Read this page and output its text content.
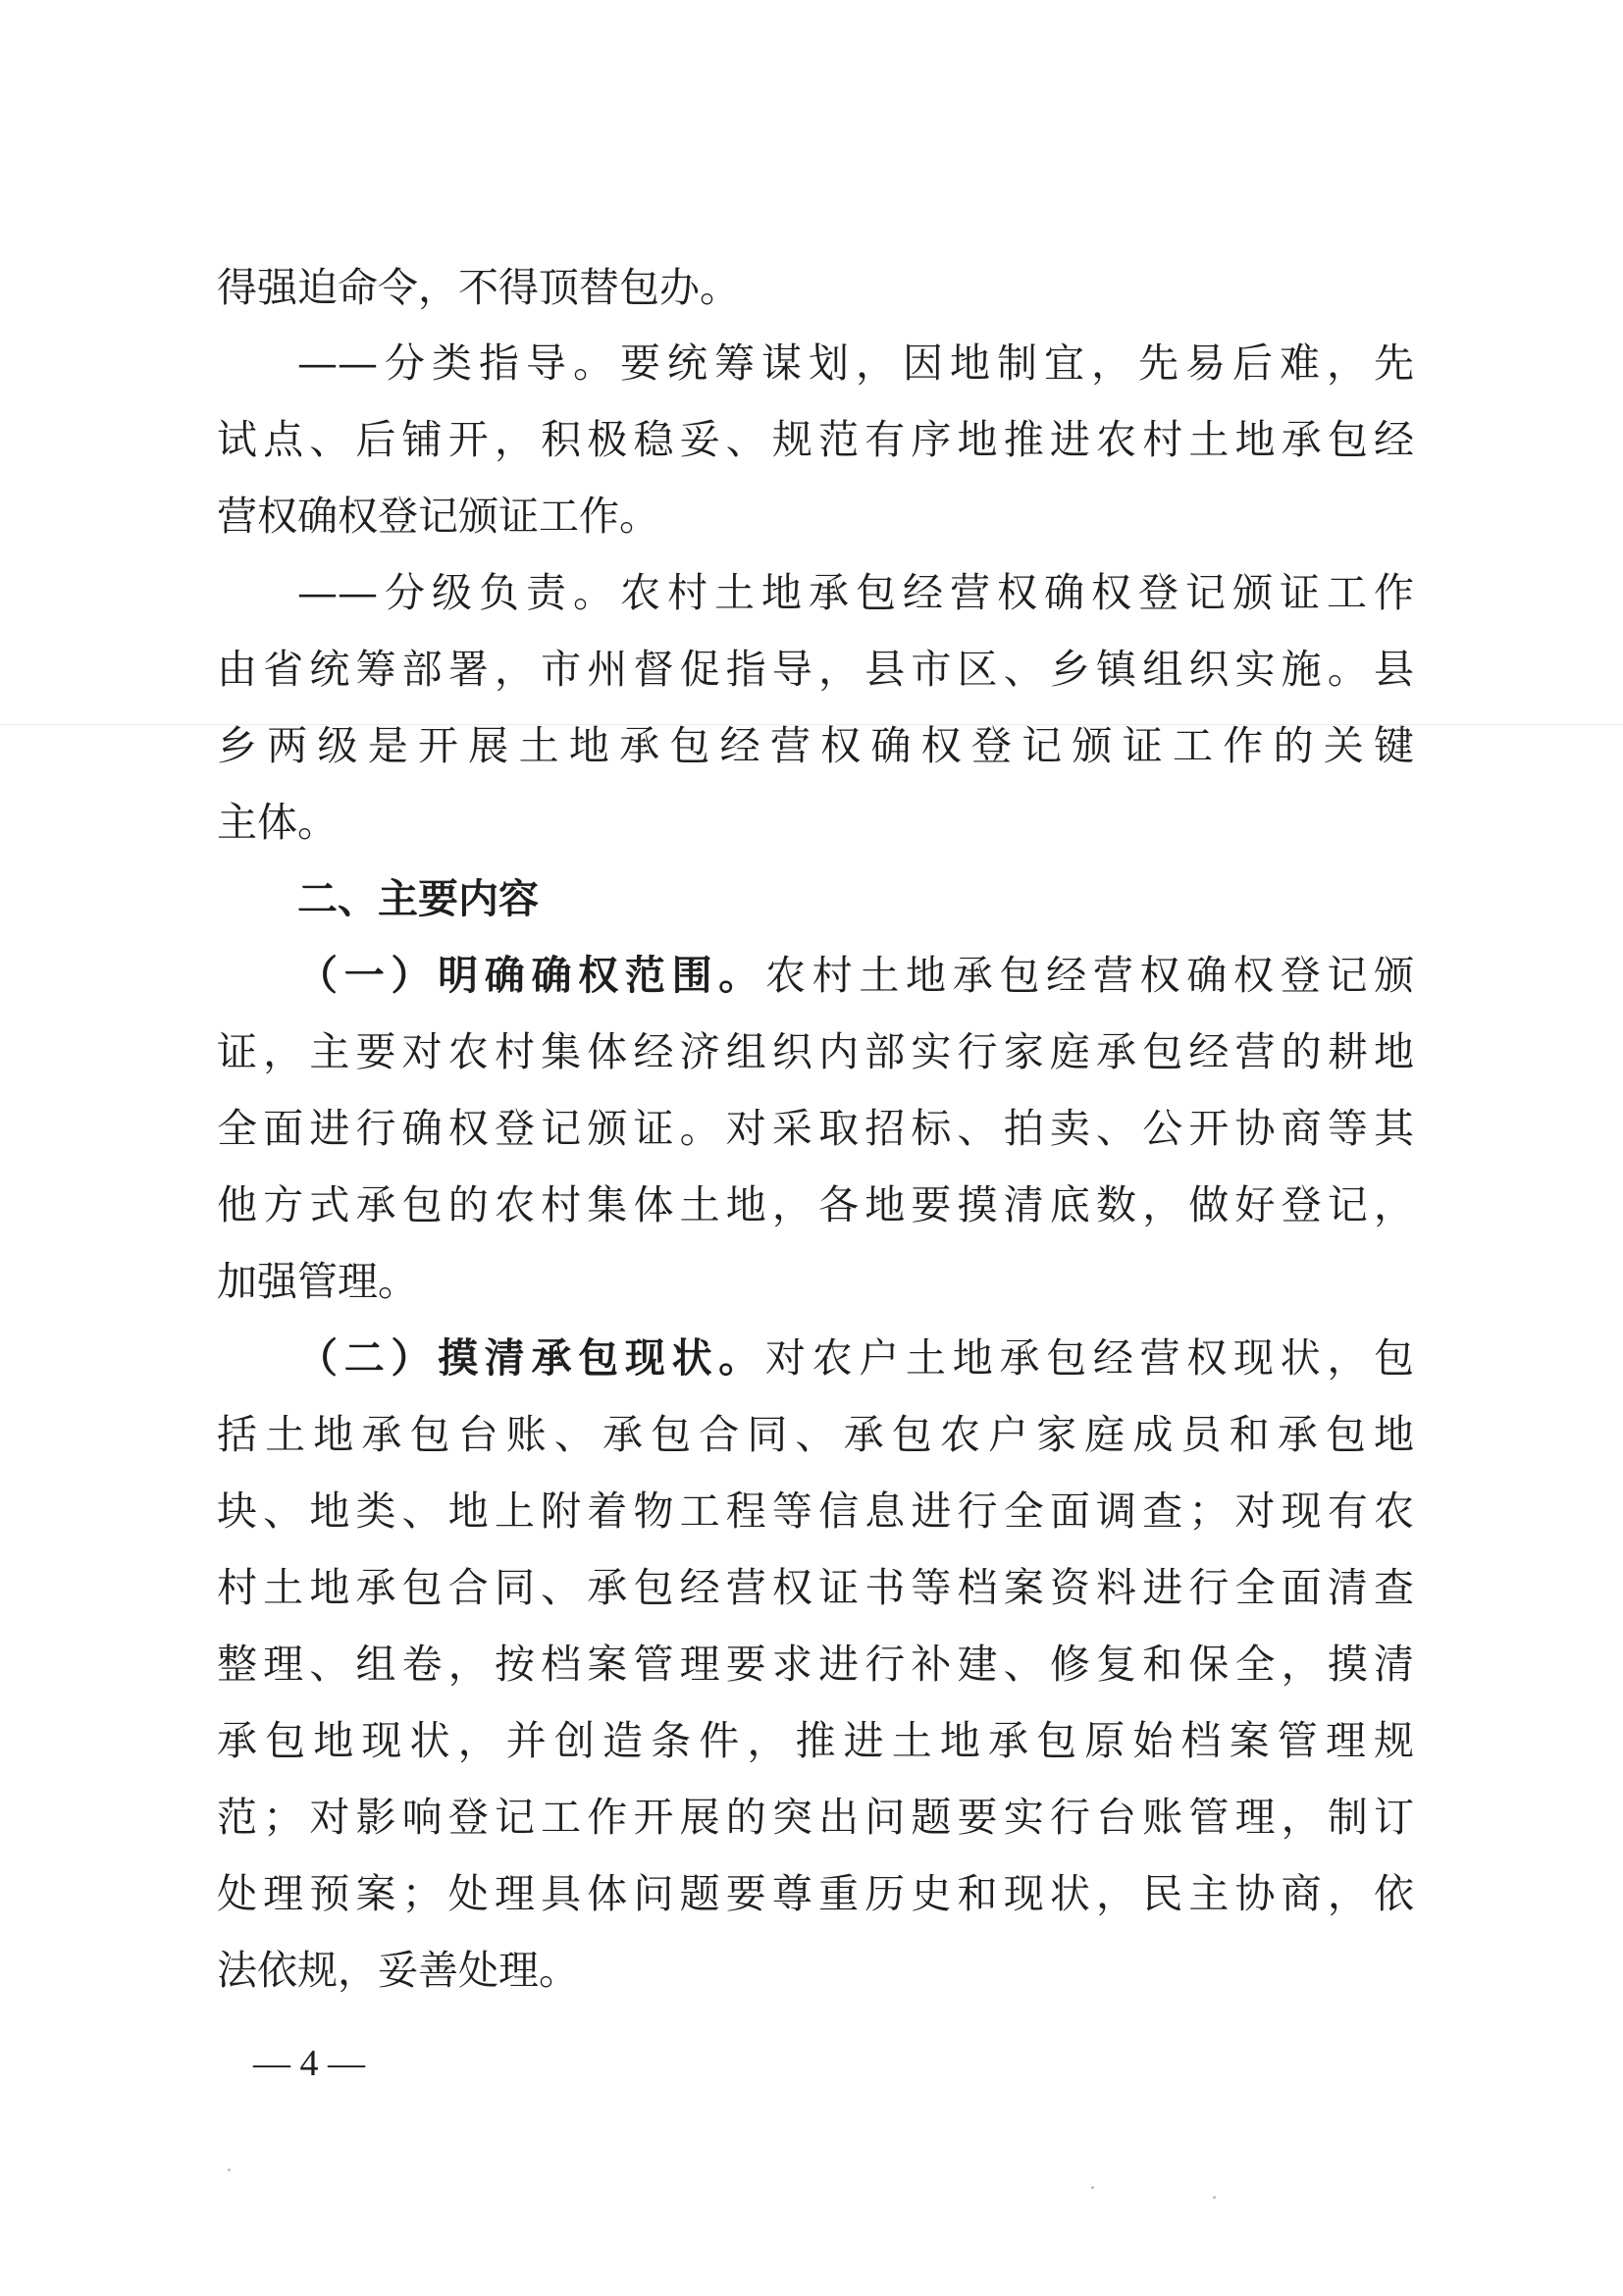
得强迫命令，不得顶替包办。
——分类指导。要统筹谋划，因地制宜，先易后难，先
试点、后铺开，积极稳妥、规范有序地推进农村土地承包经
营权确权登记颁证工作。
——分级负责。农村土地承包经营权确权登记颁证工作
由省统筹部署，市州督促指导，县市区、乡镇组织实施。县
乡两级是开展土地承包经营权确权登记颁证工作的关键
主体。
二、主要内容
（一）明确确权范围。农村土地承包经营权确权登记颁
证，主要对农村集体经济组织内部实行家庭承包经营的耕地
全面进行确权登记颁证。对采取招标、拍卖、公开协商等其
他方式承包的农村集体土地，各地要摸清底数，做好登记，
加强管理。
（二）摸清承包现状。对农户土地承包经营权现状，包
括土地承包台账、承包合同、承包农户家庭成员和承包地
块、地类、地上附着物工程等信息进行全面调查；对现有农
村土地承包合同、承包经营权证书等档案资料进行全面清查
整理、组卷，按档案管理要求进行补建、修复和保全，摸清
承包地现状，并创造条件，推进土地承包原始档案管理规
范；对影响登记工作开展的突出问题要实行台账管理，制订
处理预案；处理具体问题要尊重历史和现状，民主协商，依
法依规，妥善处理。
— 4 —
